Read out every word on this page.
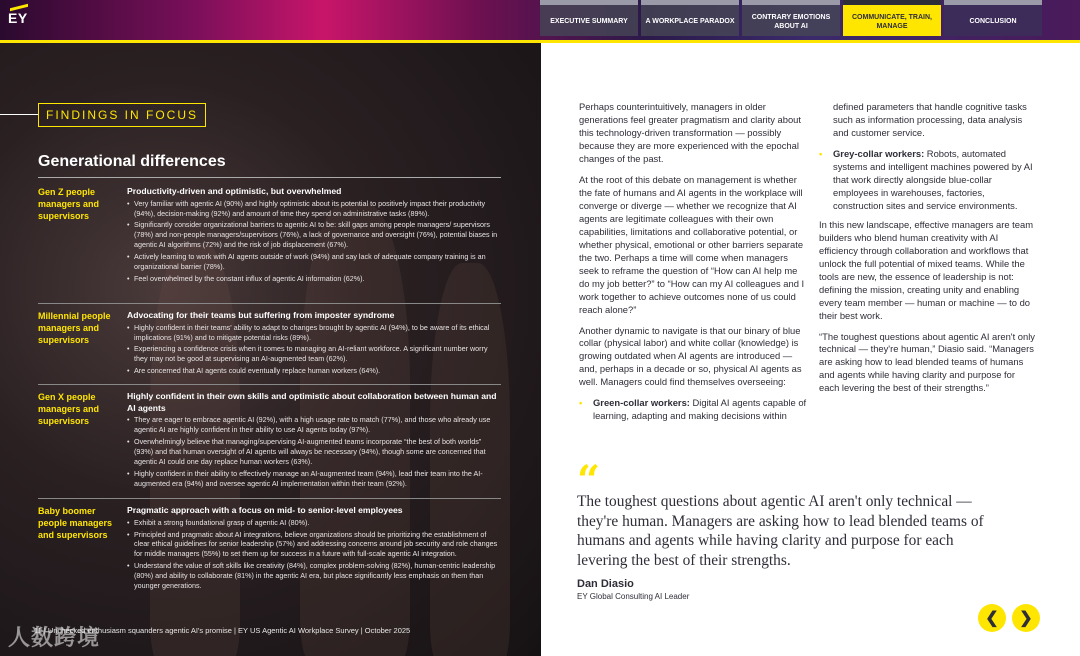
EY	EXECUTIVE SUMMARY	A WORKPLACE PARADOX
CONTRARY EMOTIONS ABOUT AI
COMMUNICATE, TRAIN, MANAGE
CONCLUSION
FINDINGS IN FOCUS
Generational differences
Gen Z people managers and supervisors
Productivity-driven and optimistic, but overwhelmed
• Very familiar with agentic AI (90%) and highly optimistic about its potential to positively impact their productivity (94%), decision-making (92%) and amount of time they spend on administrative tasks (89%).
• Significantly consider organizational barriers to agentic AI to be: skill gaps among people managers/ supervisors (78%) and non-people managers/supervisors (76%), a lack of governance and oversight (76%), potential biases in agentic AI algorithms (72%) and the risk of job displacement (67%).
• Actively learning to work with AI agents outside of work (94%) and say lack of adequate company training is an organizational barrier (78%).
• Feel overwhelmed by the constant influx of agentic AI information (62%).
Millennial people managers and supervisors
Advocating for their teams but suffering from imposter syndrome
• Highly confident in their teams' ability to adapt to changes brought by agentic AI (94%), to be aware of its ethical implications (91%) and to mitigate potential risks (89%).
• Experiencing a confidence crisis when it comes to managing an AI-reliant workforce. A significant number worry they may not be good at supervising an AI-augmented team (62%).
• Are concerned that AI agents could eventually replace human workers (64%).
Gen X people managers and supervisors
Highly confident in their own skills and optimistic about collaboration between human and AI agents
• They are eager to embrace agentic AI (92%), with a high usage rate to match (77%), and those who already use agentic AI are highly confident in their ability to use AI agents today (97%).
• Overwhelmingly believe that managing/supervising AI-augmented teams incorporate “the best of both worlds” (93%) and that human oversight of AI agents will always be necessary (94%), though some are concerned that agentic AI could one day replace human workers (63%).
• Highly confident in their ability to effectively manage an AI-augmented team (94%), lead their team into the AI-augmented era (94%) and oversee agentic AI implementation within their team (92%).
Baby boomer people managers and supervisors
Pragmatic approach with a focus on mid- to senior-level employees
• Exhibit a strong foundational grasp of agentic AI (80%).
• Principled and pragmatic about AI integrations, believe organizations should be prioritizing the establishment of clear ethical guidelines for senior leadership (57%) and addressing concerns around job security and role changes for middle managers (55%) to set them up for success in a future with full-scale agentic AI integration.
• Understand the value of soft skills like creativity (84%), complex problem-solving (82%), human-centric leadership (80%) and ability to collaborate (81%) in the agentic AI era, but place significantly less emphasis on them than younger generations.
人数跨境
11 | Unchecked enthusiasm squanders agentic AI's promise | EY US Agentic AI Workplace Survey | October 2025

Perhaps counterintuitively, managers in older generations feel greater pragmatism and clarity about this technology-driven transformation — possibly because they are more experienced with the epochal changes of the past.

At the root of this debate on management is whether the fate of humans and AI agents in the workplace will converge or diverge — whether we recognize that AI agents are legitimate colleagues with their own capabilities, limitations and collaborative potential, or whether physical, emotional or other barriers separate the two. Perhaps a time will come when managers seek to reframe the question of “How can AI help me do my job better?” to “How can my AI colleagues and I work together to achieve outcomes none of us could reach alone?”

Another dynamic to navigate is that our binary of blue collar (physical labor) and white collar (knowledge) is growing outdated when AI agents are introduced — and, perhaps in a decade or so, physical AI agents as well. Managers could find themselves overseeing:

• Green-collar workers: Digital AI agents capable of learning, adapting and making decisions within

defined parameters that handle cognitive tasks such as information processing, data analysis and customer service.

• Grey-collar workers: Robots, automated systems and intelligent machines powered by AI that work directly alongside blue-collar employees in warehouses, factories, construction sites and service environments.

In this new landscape, effective managers are team builders who blend human creativity with AI efficiency through collaboration and workflows that unlock the full potential of mixed teams. While the tools are new, the essence of leadership is not: defining the mission, creating unity and enabling every team member — human or machine — to do their best work.

“The toughest questions about agentic AI aren't only technical — they're human,” Diasio said. “Managers are asking how to lead blended teams of humans and agents while having clarity and purpose for each levering the best of their strengths.”

“
The toughest questions about agentic AI aren't only technical — they're human. Managers are asking how to lead blended teams of humans and agents while having clarity and purpose for each levering the best of their strengths.
Dan Diasio
EY Global Consulting AI Leader
❮ ❯
